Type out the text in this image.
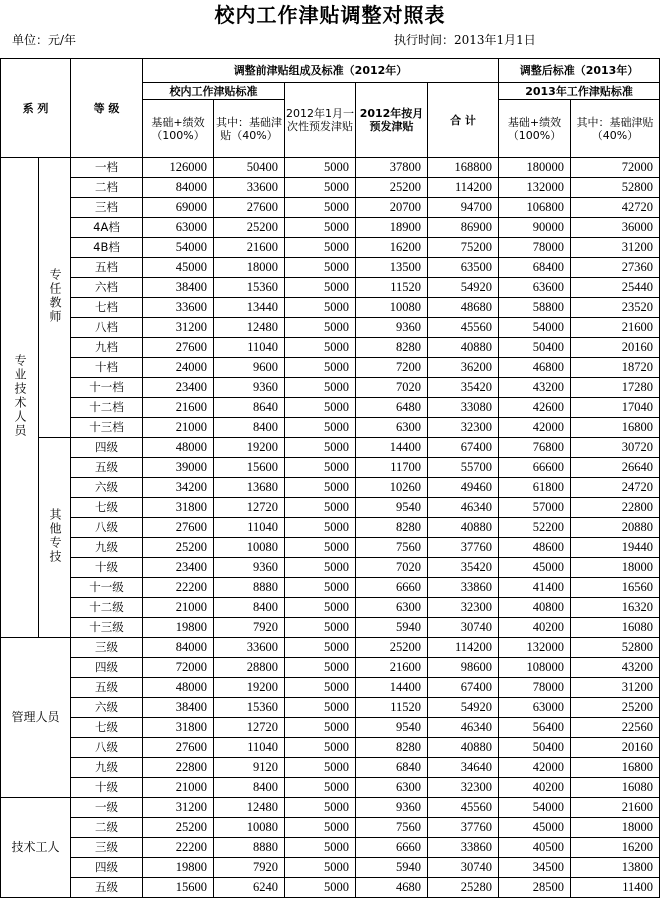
校内工作津贴调整对照表
单位：元/年	执行时间：2013年1月1日
系 列		等 级	调整前津贴组成及标准（2012年）					调整后标准（2013年）	
			校内工作津贴标准		2012年1月一次性预发津贴	2012年按月预发津贴	合 计	2013年工作津贴标准	
			基础+绩效（100%）	其中：基础津贴（40%）				基础+绩效（100%）	其中：基础津贴（40%）
专业技术人员	专任教师	一档	126000	50400	5000	37800	168800	180000	72000
		二档	84000	33600	5000	25200	114200	132000	52800
		三档	69000	27600	5000	20700	94700	106800	42720
		4A档	63000	25200	5000	18900	86900	90000	36000
		4B档	54000	21600	5000	16200	75200	78000	31200
		五档	45000	18000	5000	13500	63500	68400	27360
		六档	38400	15360	5000	11520	54920	63600	25440
		七档	33600	13440	5000	10080	48680	58800	23520
		八档	31200	12480	5000	9360	45560	54000	21600
		九档	27600	11040	5000	8280	40880	50400	20160
		十档	24000	9600	5000	7200	36200	46800	18720
		十一档	23400	9360	5000	7020	35420	43200	17280
		十二档	21600	8640	5000	6480	33080	42600	17040
		十三档	21000	8400	5000	6300	32300	42000	16800
	其他专技	四级	48000	19200	5000	14400	67400	76800	30720
		五级	39000	15600	5000	11700	55700	66600	26640
		六级	34200	13680	5000	10260	49460	61800	24720
		七级	31800	12720	5000	9540	46340	57000	22800
		八级	27600	11040	5000	8280	40880	52200	20880
		九级	25200	10080	5000	7560	37760	48600	19440
		十级	23400	9360	5000	7020	35420	45000	18000
		十一级	22200	8880	5000	6660	33860	41400	16560
		十二级	21000	8400	5000	6300	32300	40800	16320
		十三级	19800	7920	5000	5940	30740	40200	16080
管理人员		三级	84000	33600	5000	25200	114200	132000	52800
		四级	72000	28800	5000	21600	98600	108000	43200
		五级	48000	19200	5000	14400	67400	78000	31200
		六级	38400	15360	5000	11520	54920	63000	25200
		七级	31800	12720	5000	9540	46340	56400	22560
		八级	27600	11040	5000	8280	40880	50400	20160
		九级	22800	9120	5000	6840	34640	42000	16800
		十级	21000	8400	5000	6300	32300	40200	16080
技术工人		一级	31200	12480	5000	9360	45560	54000	21600
		二级	25200	10080	5000	7560	37760	45000	18000
		三级	22200	8880	5000	6660	33860	40500	16200
		四级	19800	7920	5000	5940	30740	34500	13800
		五级	15600	6240	5000	4680	25280	28500	11400
